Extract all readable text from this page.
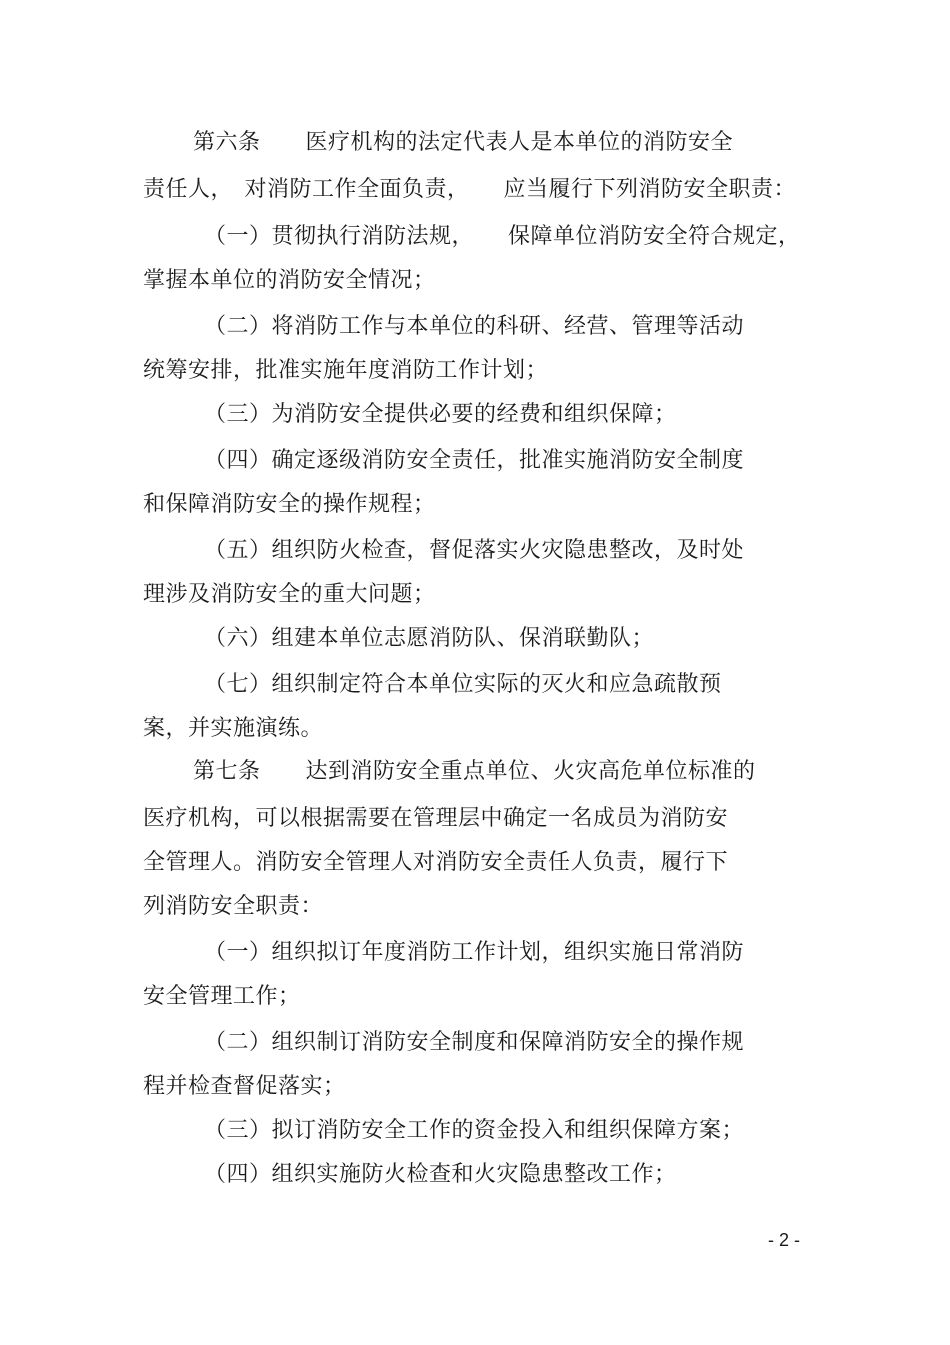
第六条　　医疗机构的法定代表人是本单位的消防安全
责任人，　对消防工作全面负责，　　应当履行下列消防安全职责：
（一）贯彻执行消防法规，　　保障单位消防安全符合规定，
掌握本单位的消防安全情况；
（二）将消防工作与本单位的科研、经营、管理等活动
统筹安排，批准实施年度消防工作计划；
（三）为消防安全提供必要的经费和组织保障；
（四）确定逐级消防安全责任，批准实施消防安全制度
和保障消防安全的操作规程；
（五）组织防火检查，督促落实火灾隐患整改，及时处
理涉及消防安全的重大问题；
（六）组建本单位志愿消防队、保消联勤队；
（七）组织制定符合本单位实际的灭火和应急疏散预
案，并实施演练。
第七条　　达到消防安全重点单位、火灾高危单位标准的
医疗机构，可以根据需要在管理层中确定一名成员为消防安
全管理人。消防安全管理人对消防安全责任人负责，履行下
列消防安全职责：
（一）组织拟订年度消防工作计划，组织实施日常消防
安全管理工作；
（二）组织制订消防安全制度和保障消防安全的操作规
程并检查督促落实；
（三）拟订消防安全工作的资金投入和组织保障方案；
（四）组织实施防火检查和火灾隐患整改工作；
- 2 -
